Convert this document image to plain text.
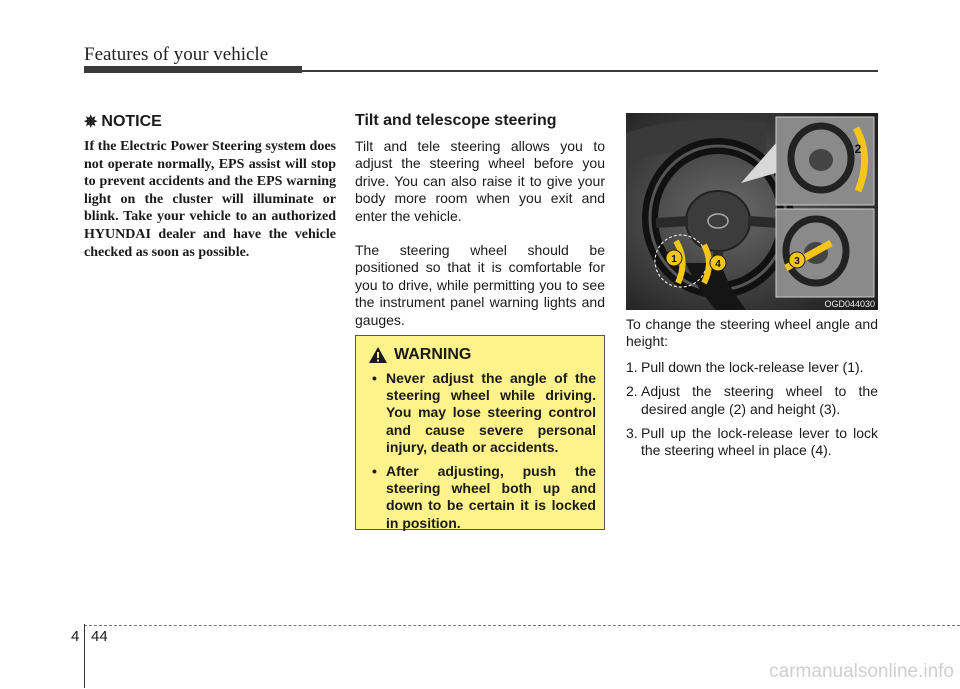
Features of your vehicle
✵ NOTICE

If the Electric Power Steering system does not operate normally, EPS assist will stop to prevent accidents and the EPS warning light on the cluster will illuminate or blink. Take your vehicle to an authorized HYUNDAI dealer and have the vehicle checked as soon as possible.

Tilt and telescope steering

Tilt and tele steering allows you to adjust the steering wheel before you drive. You can also raise it to give your body more room when you exit and enter the vehicle.

The steering wheel should be positioned so that it is comfortable for you to drive, while permitting you to see the instrument panel warning lights and gauges.

WARNING
• Never adjust the angle of the steering wheel while driving. You may lose steering control and cause severe personal injury, death or accidents.
• After adjusting, push the steering wheel both up and down to be certain it is locked in position.
1	4	3
2
OGD044030

To change the steering wheel angle and height:

1. Pull down the lock-release lever (1).
2. Adjust the steering wheel to the desired angle (2) and height (3).
3. Pull up the lock-release lever to lock the steering wheel in place (4).
4 44
carmanualsonline.info
